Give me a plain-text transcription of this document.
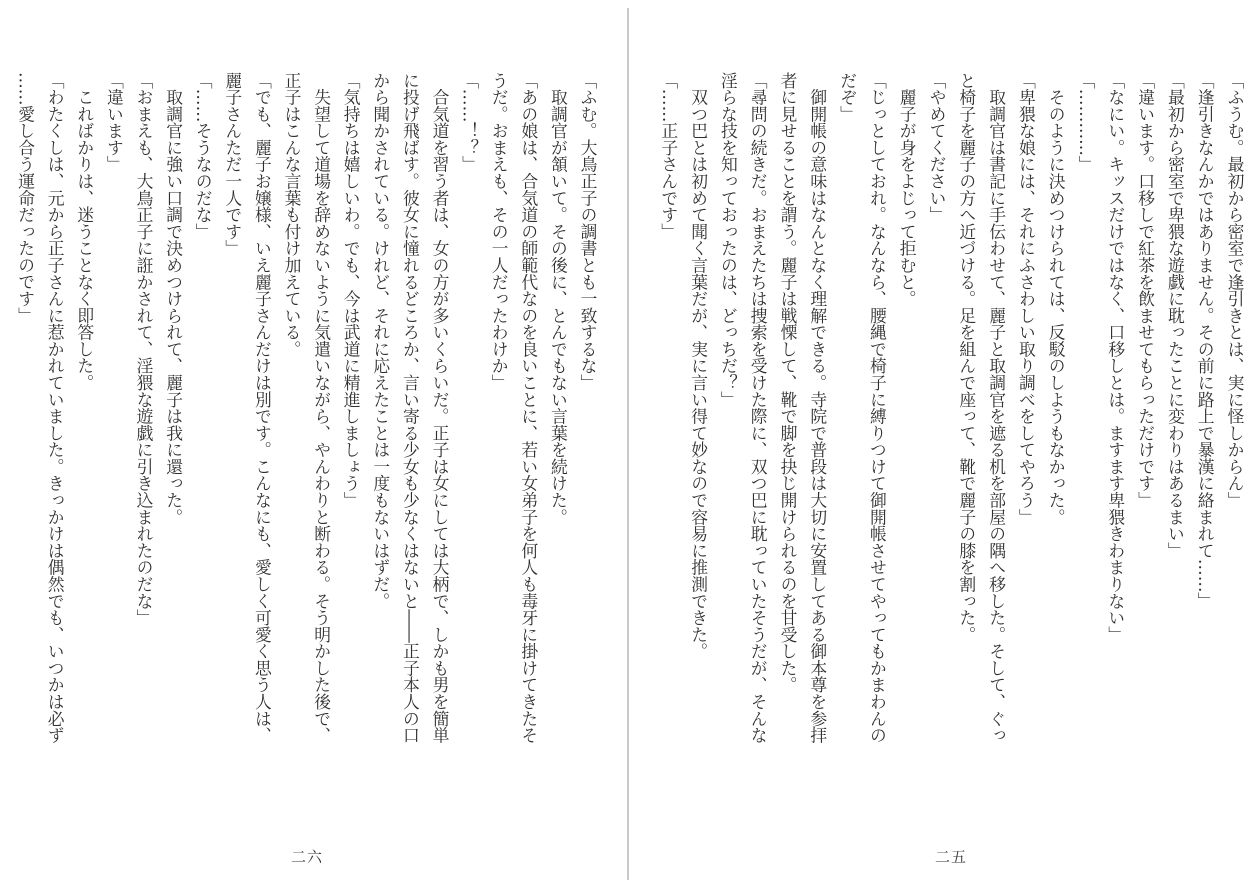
「ふむ。大鳥正子の調書とも一致するな」
　取調官が頷いて。その後に、とんでもない言葉を続けた。
「あの娘は、合気道の師範代なのを良いことに、若い女弟子を何人も毒牙に掛けてきたそ
うだ。おまえも、その一人だったわけか」
「……！？」
　合気道を習う者は、女の方が多いくらいだ。正子は女にしては大柄で、しかも男を簡単
に投げ飛ばす。彼女に憧れるどころか、言い寄る少女も少なくはないと――正子本人の口
から聞かされている。けれど、それに応えたことは一度もないはずだ。
「気持ちは嬉しいわ。でも、今は武道に精進しましょう」
　失望して道場を辞めないように気遣いながら、やんわりと断わる。そう明かした後で、
正子はこんな言葉も付け加えている。
「でも、麗子お嬢様、いえ麗子さんだけは別です。こんなにも、愛しく可愛く思う人は、
麗子さんただ一人です」
「……そうなのだな」
　取調官に強い口調で決めつけられて、麗子は我に還った。
「おまえも、大鳥正子に誑かされて、淫猥な遊戯に引き込まれたのだな」
「違います」
　こればかりは、迷うことなく即答した。
「わたくしは、元から正子さんに惹かれていました。きっかけは偶然でも、いつかは必ず
……愛し合う運命だったのです」
二六
「ふうむ。最初から密室で逢引きとは、実に怪しからん」
「逢引きなんかではありません。その前に路上で暴漢に絡まれて……」
「最初から密室で卑猥な遊戯に耽ったことに変わりはあるまい」
「違います。口移しで紅茶を飲ませてもらっただけです」
「なにい。キッスだけではなく、口移しとは。ますます卑猥きわまりない」
「…………」
　そのように決めつけられては、反駁のしようもなかった。
「卑猥な娘には、それにふさわしい取り調べをしてやろう」
　取調官は書記に手伝わせて、麗子と取調官を遮る机を部屋の隅へ移した。そして、ぐっ
と椅子を麗子の方へ近づける。足を組んで座って、靴で麗子の膝を割った。
「やめてください」
　麗子が身をよじって拒むと。
「じっとしておれ。なんなら、腰縄で椅子に縛りつけて御開帳させてやってもかまわんの
だぞ」
　御開帳の意味はなんとなく理解できる。寺院で普段は大切に安置してある御本尊を参拝
者に見せることを謂う。麗子は戦慄して、靴で脚を抉じ開けられるのを甘受した。
「尋問の続きだ。おまえたちは捜索を受けた際に、双つ巴に耽っていたそうだが、そんな
淫らな技を知っておったのは、どっちだ？」
　双つ巴とは初めて聞く言葉だが、実に言い得て妙なので容易に推測できた。
「……正子さんです」
二五
